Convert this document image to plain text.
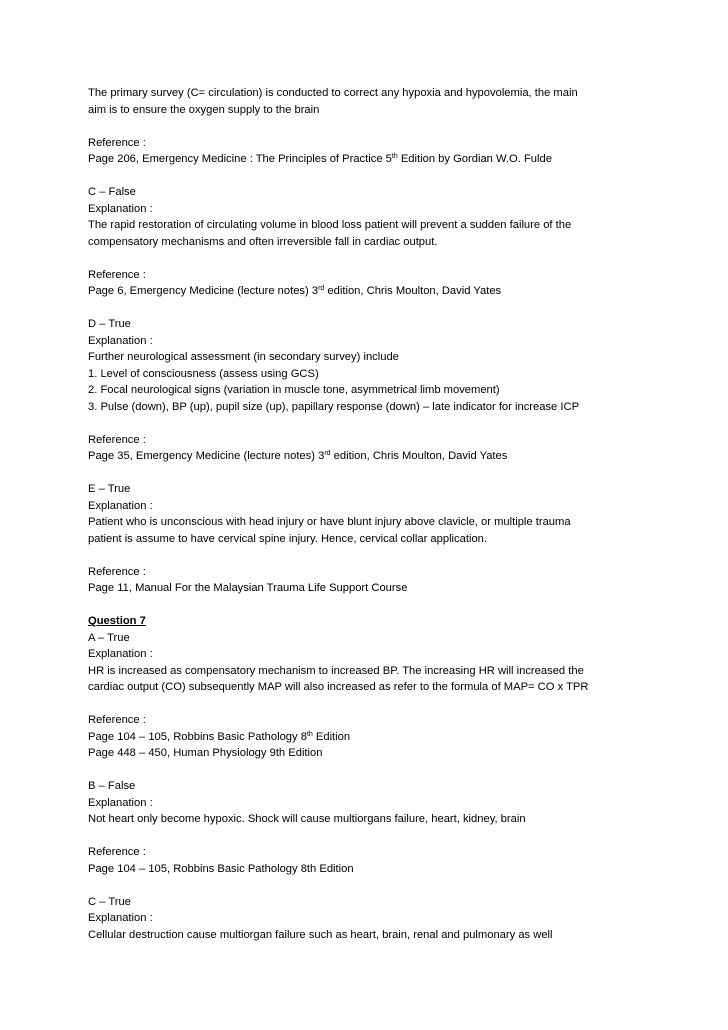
The primary survey (C= circulation) is conducted to correct any hypoxia and hypovolemia, the main
aim is to ensure the oxygen supply to the brain
Reference :
Page 206, Emergency Medicine : The Principles of Practice 5th Edition by Gordian W.O. Fulde
C – False
Explanation :
The rapid restoration of circulating volume in blood loss patient will prevent a sudden failure of the
compensatory mechanisms and often irreversible fall in cardiac output.
Reference :
Page 6, Emergency Medicine (lecture notes) 3rd edition, Chris Moulton, David Yates
D – True
Explanation :
Further neurological assessment (in secondary survey) include
1. Level of consciousness (assess using GCS)
2. Focal neurological signs (variation in muscle tone, asymmetrical limb movement)
3. Pulse (down), BP (up), pupil size (up), papillary response (down) – late indicator for increase ICP
Reference :
Page 35, Emergency Medicine (lecture notes) 3rd edition, Chris Moulton, David Yates
E – True
Explanation :
Patient who is unconscious with head injury or have blunt injury above clavicle, or multiple trauma
patient is assume to have cervical spine injury. Hence, cervical collar application.
Reference :
Page 11, Manual For the Malaysian Trauma Life Support Course
Question 7
A – True
Explanation :
HR is increased as compensatory mechanism to increased BP. The increasing HR will increased the
cardiac output (CO) subsequently MAP will also increased as refer to the formula of MAP= CO x TPR
Reference :
Page 104 – 105, Robbins Basic Pathology 8th Edition
Page 448 – 450, Human Physiology 9th Edition
B – False
Explanation :
Not heart only become hypoxic. Shock will cause multiorgans failure, heart, kidney, brain
Reference :
Page 104 – 105, Robbins Basic Pathology 8th Edition
C – True
Explanation :
Cellular destruction cause multiorgan failure such as heart, brain, renal and pulmonary as well
